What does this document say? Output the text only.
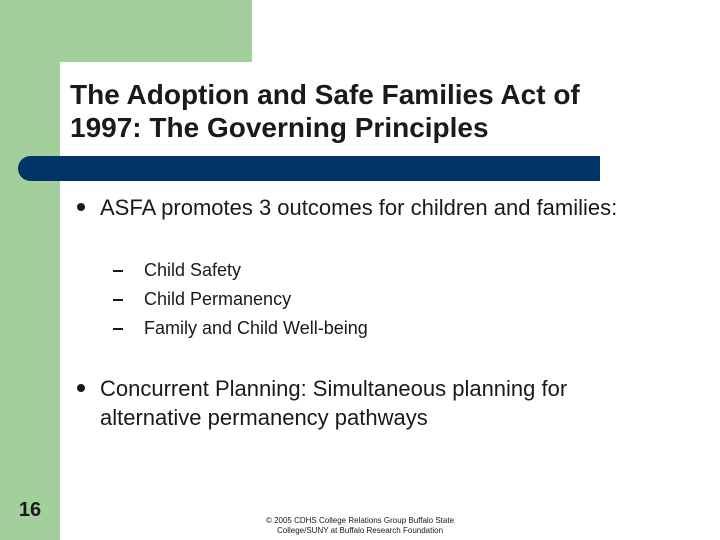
The Adoption and Safe Families Act of
1997: The Governing Principles

ASFA promotes 3 outcomes for children and families:

Child Safety

Child Permanency

Family and Child Well-being

Concurrent Planning: Simultaneous planning for
alternative permanency pathways

16	© 2005 CDHS College Relations Group Buffalo State
College/SUNY at Buffalo Research Foundation
